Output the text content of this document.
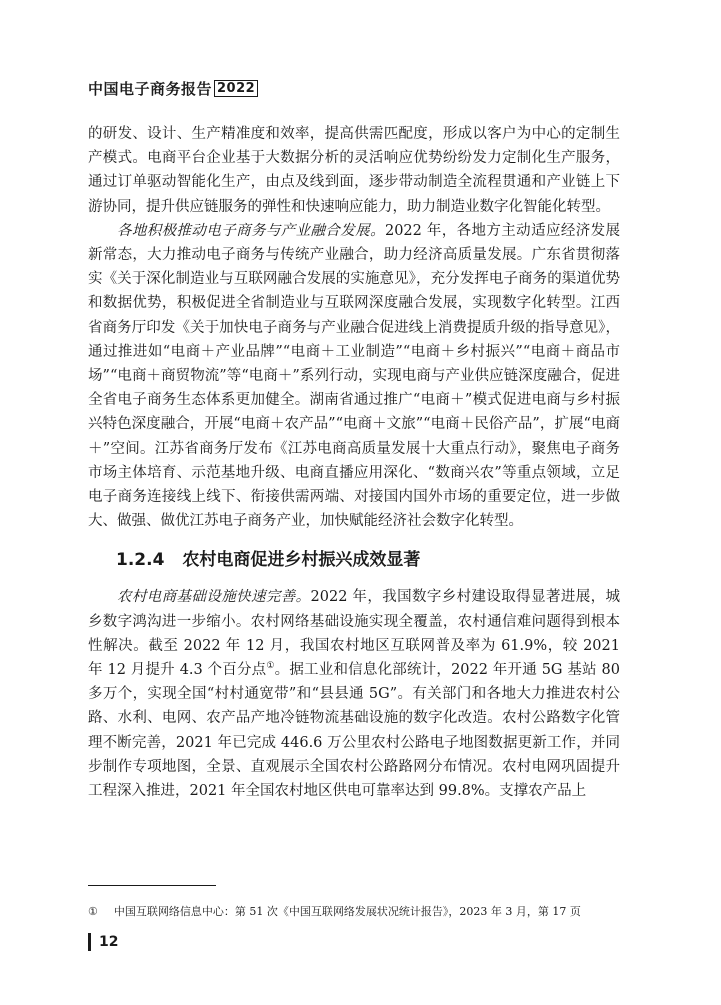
中国电子商务报告 2022

的研发、设计、生产精准度和效率，提高供需匹配度，形成以客户为中心的定制生产模式。电商平台企业基于大数据分析的灵活响应优势纷纷发力定制化生产服务，通过订单驱动智能化生产，由点及线到面，逐步带动制造全流程贯通和产业链上下游协同，提升供应链服务的弹性和快速响应能力，助力制造业数字化智能化转型。

各地积极推动电子商务与产业融合发展。2022 年，各地方主动适应经济发展新常态，大力推动电子商务与传统产业融合，助力经济高质量发展。广东省贯彻落实《关于深化制造业与互联网融合发展的实施意见》，充分发挥电子商务的渠道优势和数据优势，积极促进全省制造业与互联网深度融合发展，实现数字化转型。江西省商务厅印发《关于加快电子商务与产业融合促进线上消费提质升级的指导意见》，通过推进如“电商＋产业品牌”“电商＋工业制造”“电商＋乡村振兴”“电商＋商品市场”“电商＋商贸物流”等“电商＋”系列行动，实现电商与产业供应链深度融合，促进全省电子商务生态体系更加健全。湖南省通过推广“电商＋”模式促进电商与乡村振兴特色深度融合，开展“电商＋农产品”“电商＋文旅”“电商＋民俗产品”，扩展“电商＋”空间。江苏省商务厅发布《江苏电商高质量发展十大重点行动》，聚焦电子商务市场主体培育、示范基地升级、电商直播应用深化、“数商兴农”等重点领域，立足电子商务连接线上线下、衔接供需两端、对接国内国外市场的重要定位，进一步做大、做强、做优江苏电子商务产业，加快赋能经济社会数字化转型。

1.2.4 农村电商促进乡村振兴成效显著

农村电商基础设施快速完善。2022 年，我国数字乡村建设取得显著进展，城乡数字鸿沟进一步缩小。农村网络基础设施实现全覆盖，农村通信难问题得到根本性解决。截至 2022 年 12 月，我国农村地区互联网普及率为 61.9%，较 2021 年 12 月提升 4.3 个百分点①。据工业和信息化部统计，2022 年开通 5G 基站 80 多万个，实现全国“村村通宽带”和“县县通 5G”。有关部门和各地大力推进农村公路、水利、电网、农产品产地冷链物流基础设施的数字化改造。农村公路数字化管理不断完善，2021 年已完成 446.6 万公里农村公路电子地图数据更新工作，并同步制作专项地图，全景、直观展示全国农村公路路网分布情况。农村电网巩固提升工程深入推进，2021 年全国农村地区供电可靠率达到 99.8%。支撑农产品上

① 中国互联网络信息中心：第 51 次《中国互联网络发展状况统计报告》，2023 年 3 月，第 17 页
12
